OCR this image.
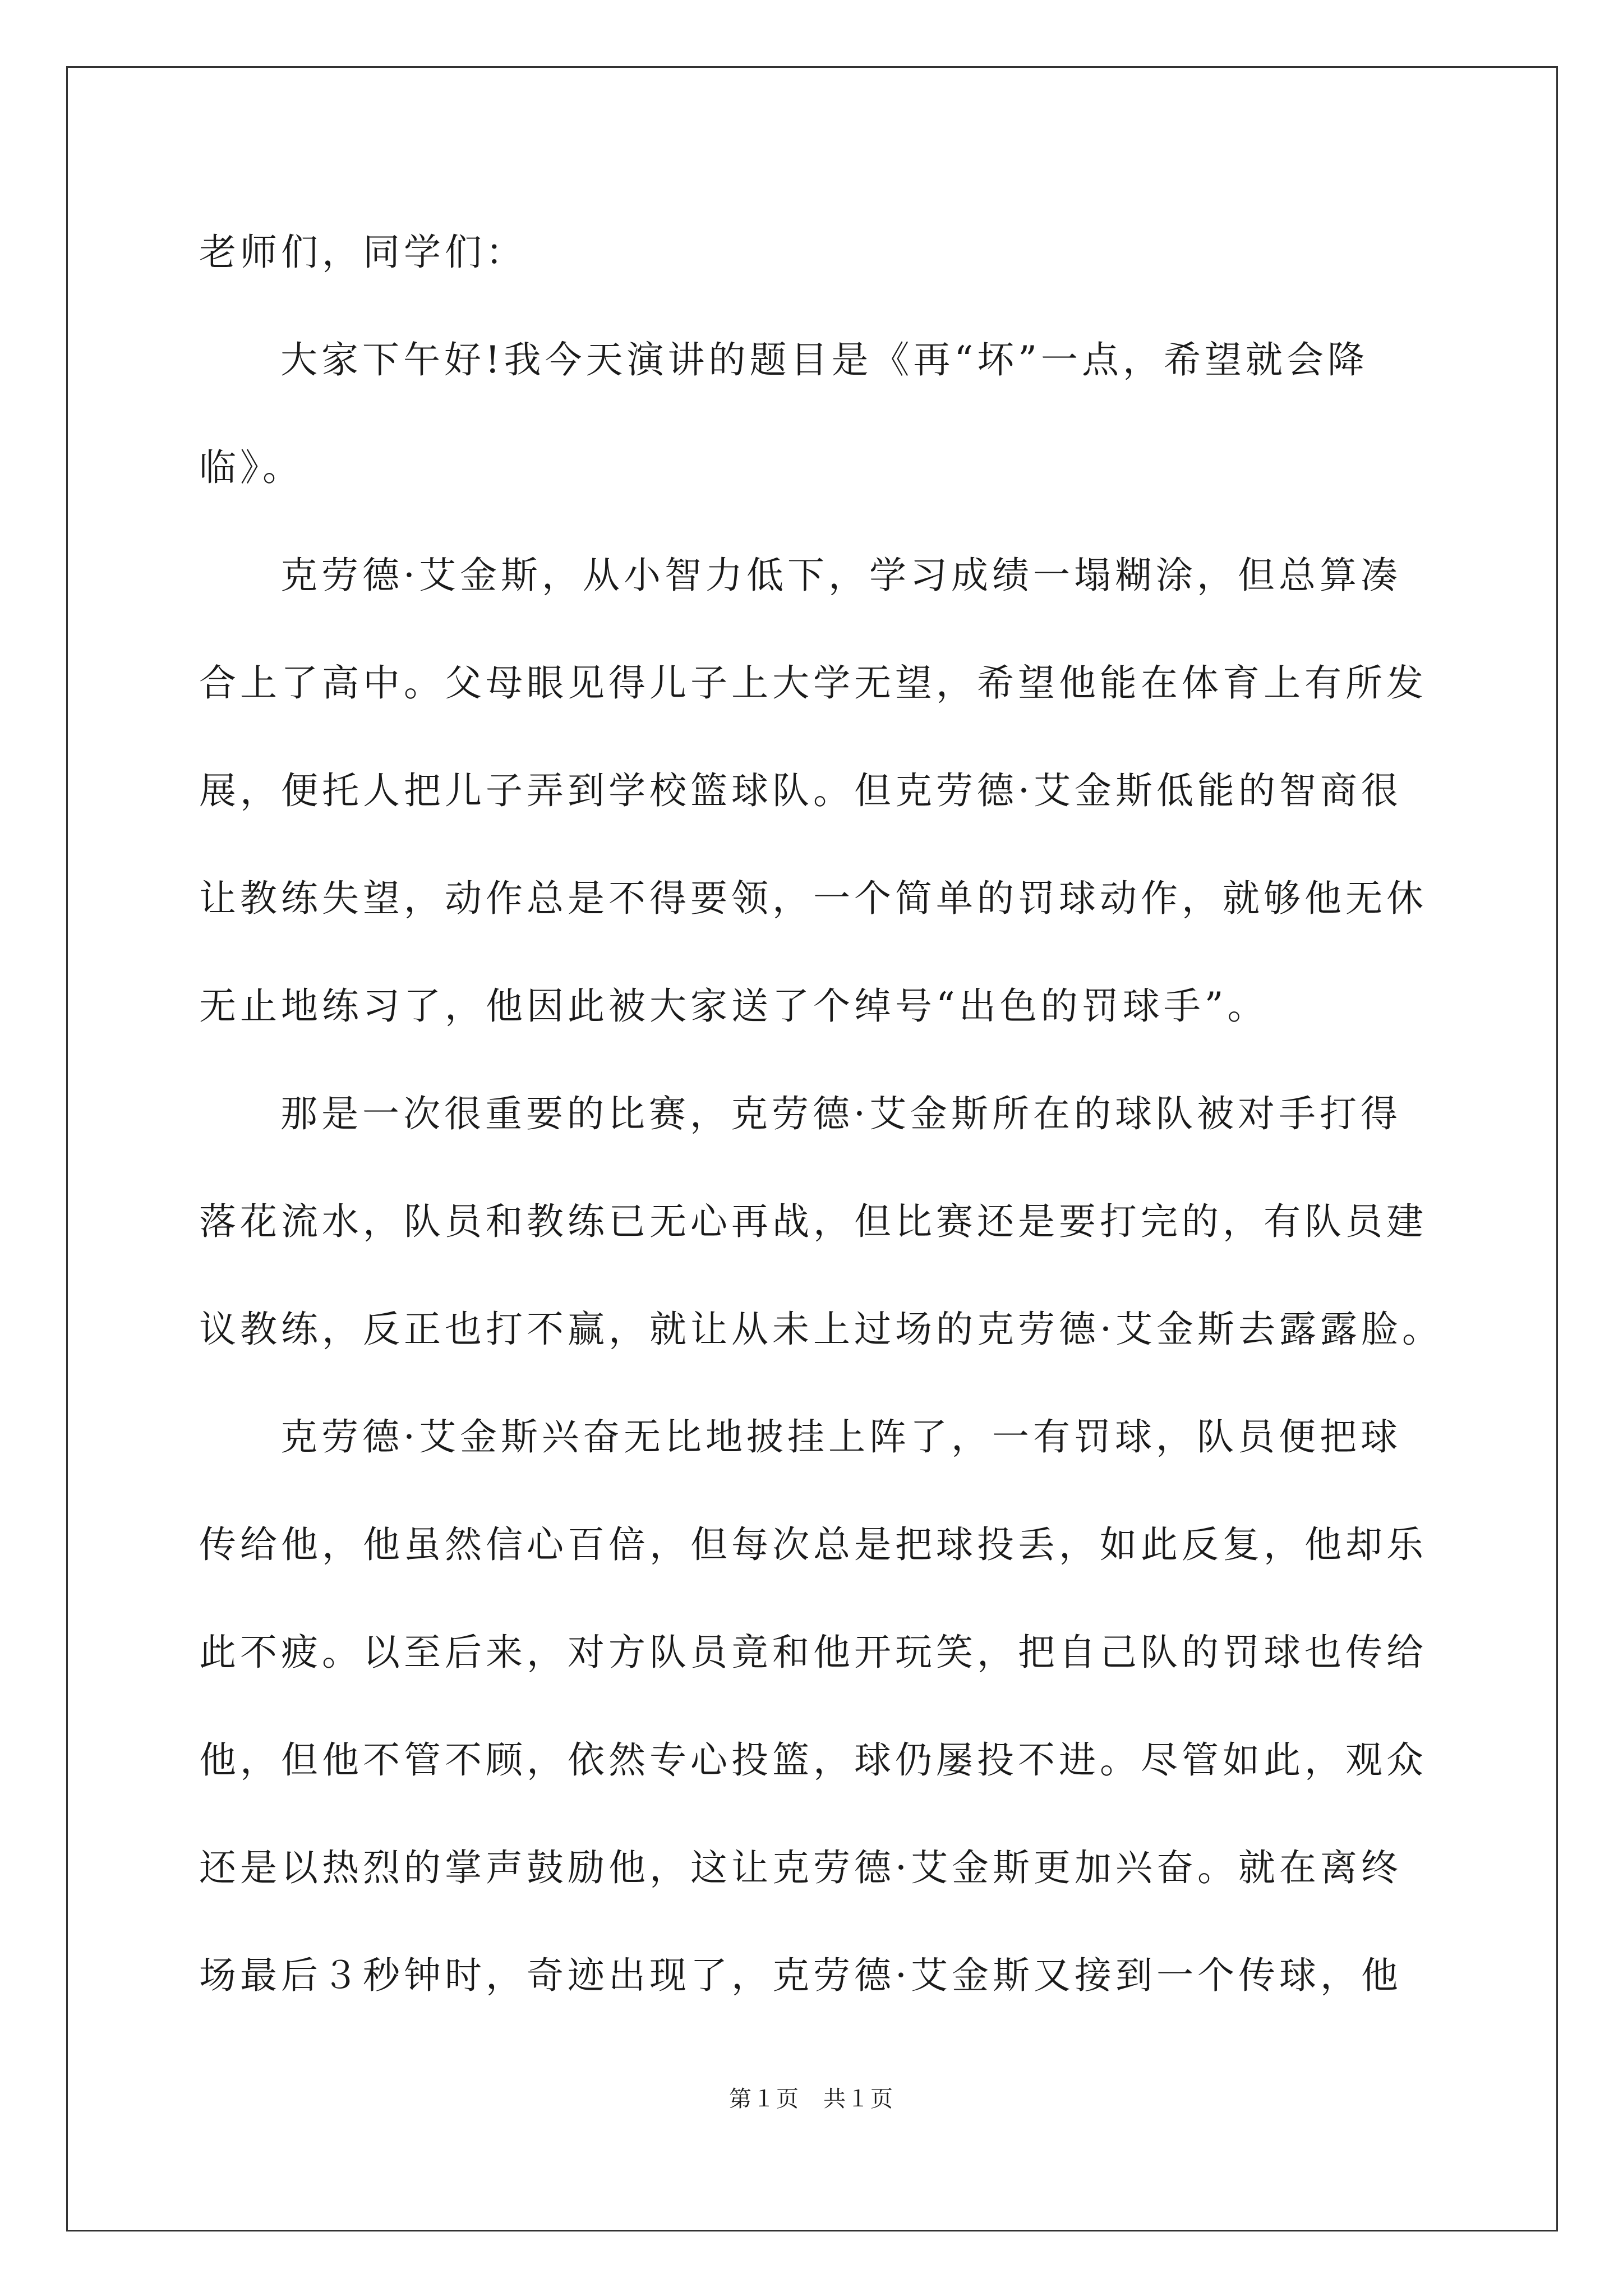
老师们，同学们：
大家下午好!我今天演讲的题目是《再“坏”一点，希望就会降
临》。
克劳德·艾金斯，从小智力低下，学习成绩一塌糊涂，但总算凑
合上了高中。父母眼见得儿子上大学无望，希望他能在体育上有所发
展，便托人把儿子弄到学校篮球队。但克劳德·艾金斯低能的智商很
让教练失望，动作总是不得要领，一个简单的罚球动作，就够他无休
无止地练习了，他因此被大家送了个绰号“出色的罚球手”。
那是一次很重要的比赛，克劳德·艾金斯所在的球队被对手打得
落花流水，队员和教练已无心再战，但比赛还是要打完的，有队员建
议教练，反正也打不赢，就让从未上过场的克劳德·艾金斯去露露脸。
克劳德·艾金斯兴奋无比地披挂上阵了，一有罚球，队员便把球
传给他，他虽然信心百倍，但每次总是把球投丢，如此反复，他却乐
此不疲。以至后来，对方队员竟和他开玩笑，把自己队的罚球也传给
他，但他不管不顾，依然专心投篮，球仍屡投不进。尽管如此，观众
还是以热烈的掌声鼓励他，这让克劳德·艾金斯更加兴奋。就在离终
场最后３秒钟时，奇迹出现了，克劳德·艾金斯又接到一个传球，他
第１页　共１页
